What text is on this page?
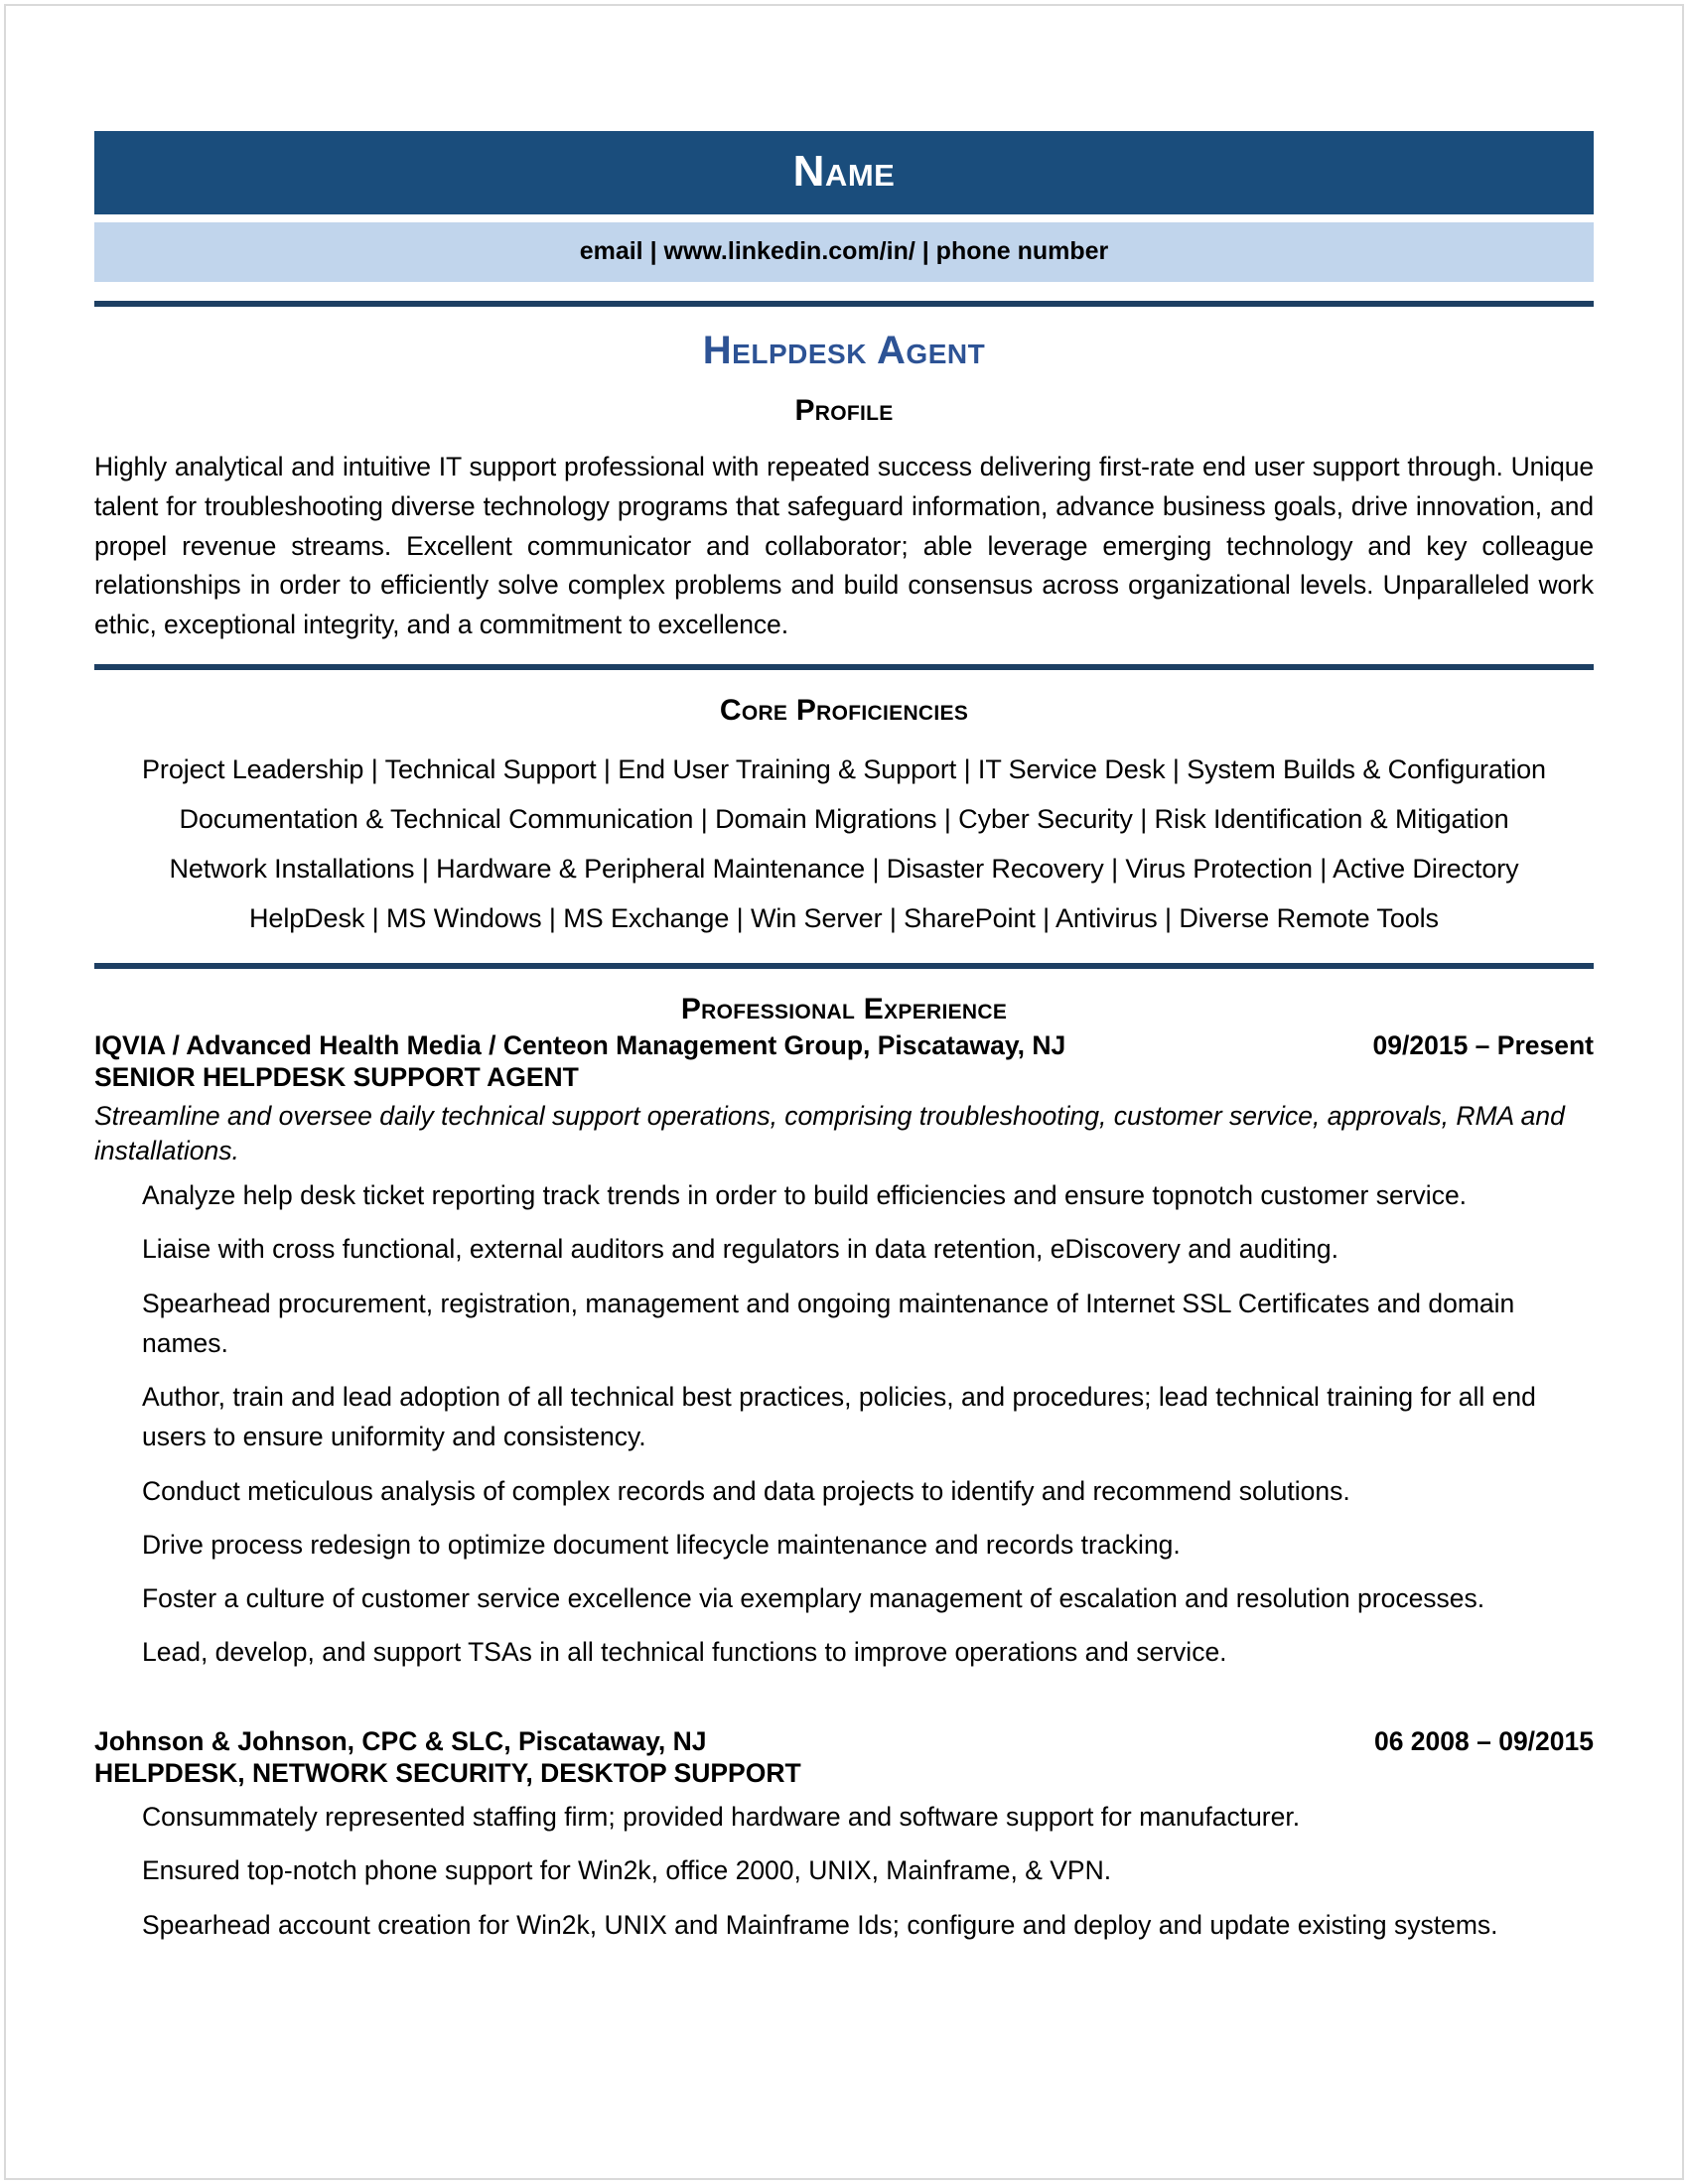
Name
email | www.linkedin.com/in/ | phone number
Helpdesk Agent
Profile
Highly analytical and intuitive IT support professional with repeated success delivering first-rate end user support through. Unique talent for troubleshooting diverse technology programs that safeguard information, advance business goals, drive innovation, and propel revenue streams. Excellent communicator and collaborator; able leverage emerging technology and key colleague relationships in order to efficiently solve complex problems and build consensus across organizational levels. Unparalleled work ethic, exceptional integrity, and a commitment to excellence.
Core Proficiencies
Project Leadership | Technical Support | End User Training & Support | IT Service Desk | System Builds & Configuration
Documentation & Technical Communication | Domain Migrations | Cyber Security | Risk Identification & Mitigation
Network Installations | Hardware & Peripheral Maintenance | Disaster Recovery | Virus Protection | Active Directory
HelpDesk | MS Windows | MS Exchange | Win Server | SharePoint | Antivirus | Diverse Remote Tools
Professional Experience
IQVIA / Advanced Health Media / Centeon Management Group, Piscataway, NJ	09/2015 – Present
SENIOR HELPDESK SUPPORT AGENT
Streamline and oversee daily technical support operations, comprising troubleshooting, customer service, approvals, RMA and installations.
Analyze help desk ticket reporting track trends in order to build efficiencies and ensure topnotch customer service.
Liaise with cross functional, external auditors and regulators in data retention, eDiscovery and auditing.
Spearhead procurement, registration, management and ongoing maintenance of Internet SSL Certificates and domain names.
Author, train and lead adoption of all technical best practices, policies, and procedures; lead technical training for all end users to ensure uniformity and consistency.
Conduct meticulous analysis of complex records and data projects to identify and recommend solutions.
Drive process redesign to optimize document lifecycle maintenance and records tracking.
Foster a culture of customer service excellence via exemplary management of escalation and resolution processes.
Lead, develop, and support TSAs in all technical functions to improve operations and service.
Johnson & Johnson, CPC & SLC, Piscataway, NJ	06 2008 – 09/2015
HELPDESK, NETWORK SECURITY, DESKTOP SUPPORT
Consummately represented staffing firm; provided hardware and software support for manufacturer.
Ensured top-notch phone support for Win2k, office 2000, UNIX, Mainframe, & VPN.
Spearhead account creation for Win2k, UNIX and Mainframe Ids; configure and deploy and update existing systems.
